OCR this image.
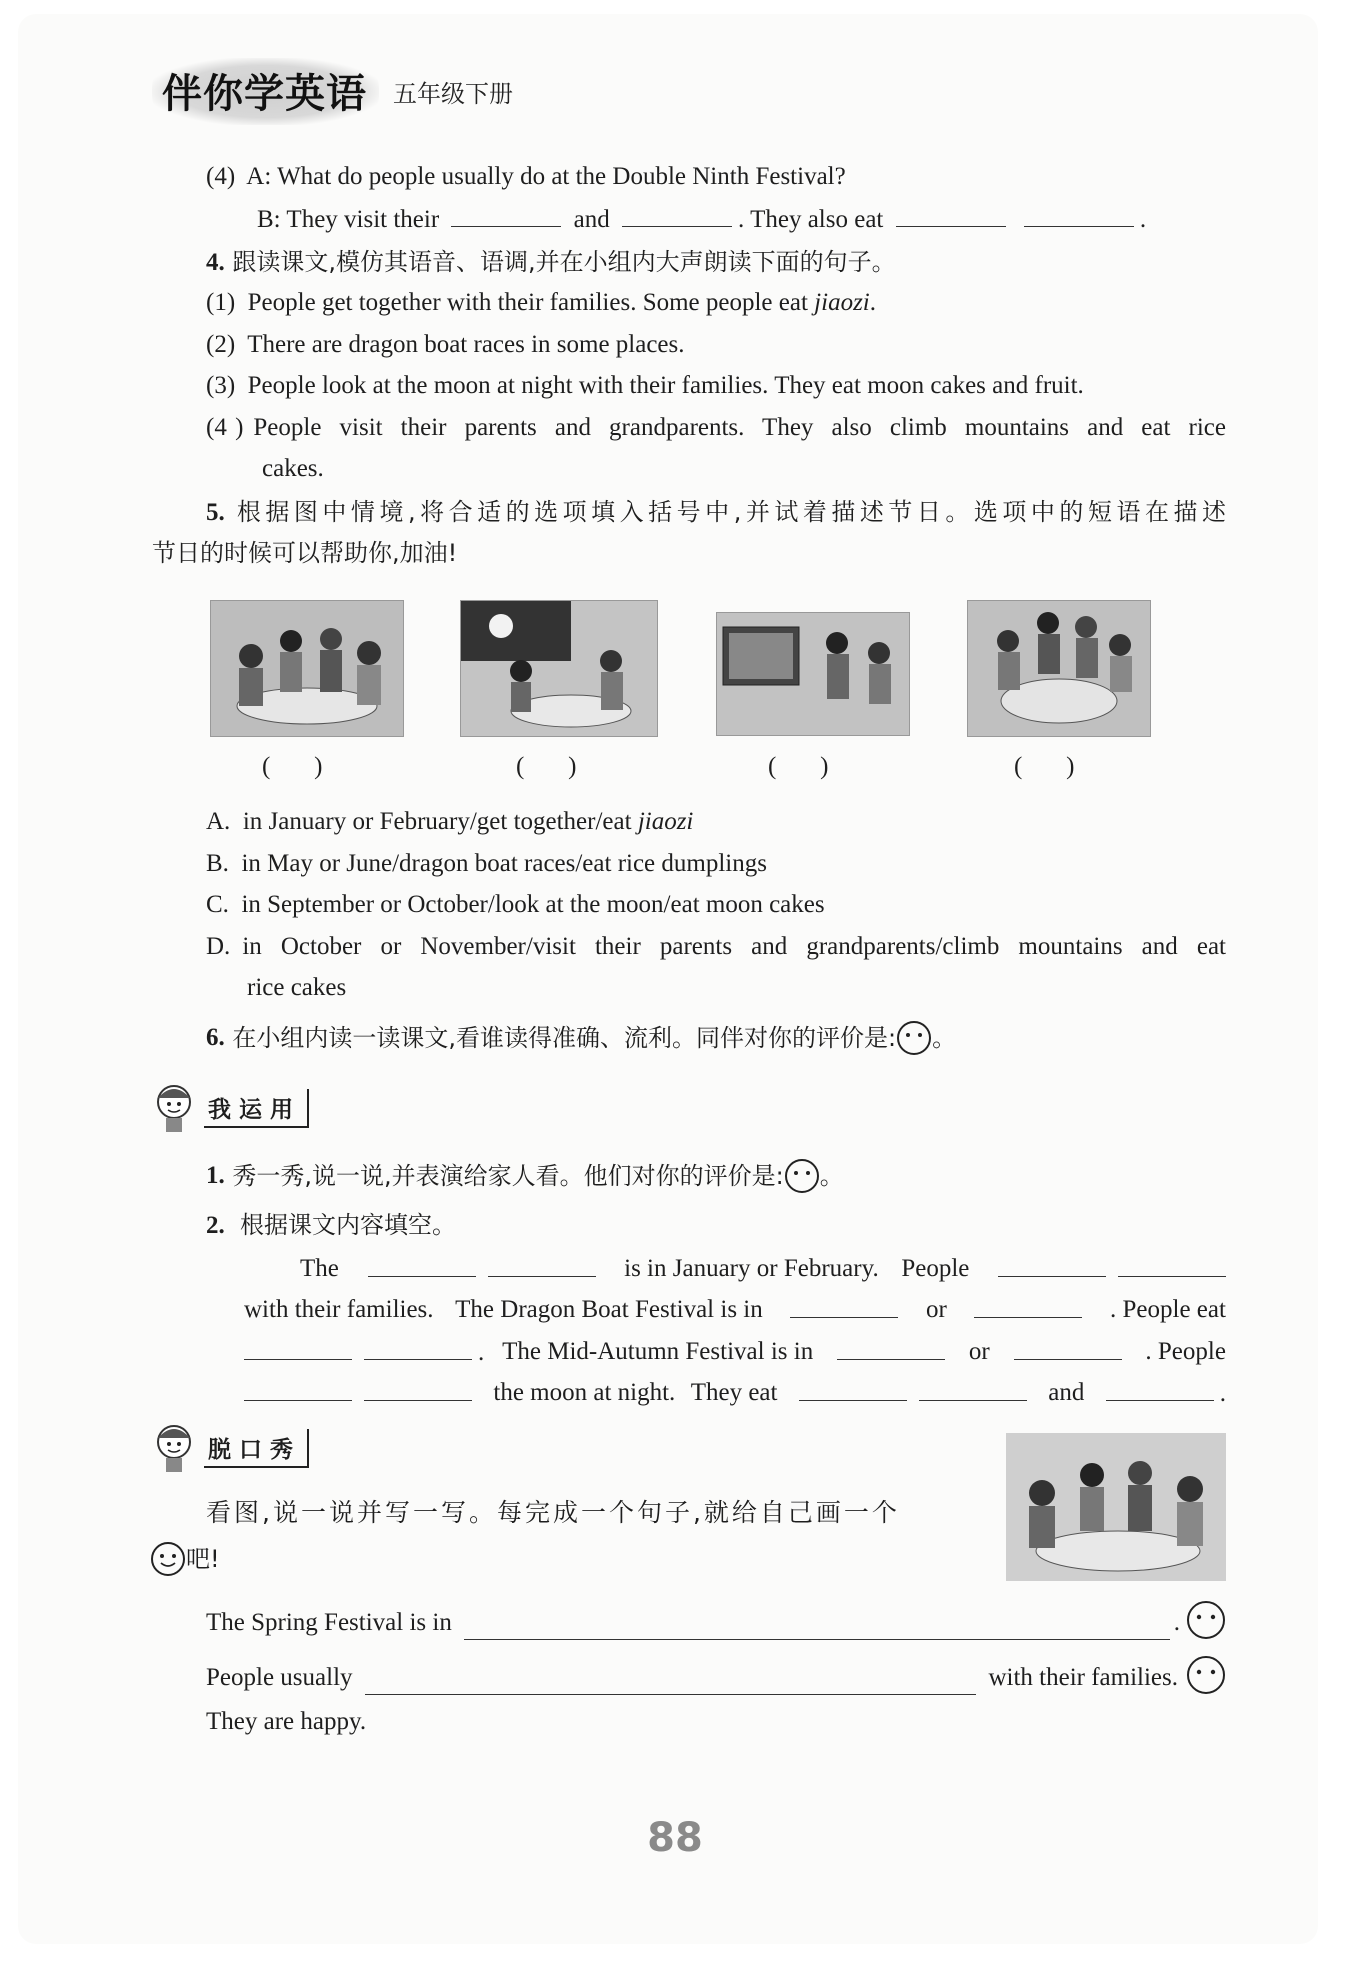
伴你学英语	五年级下册
(4) A: What do people usually do at the Double Ninth Festival?
B: They visit their	and	. They also eat	.
4. 跟读课文,模仿其语音、语调,并在小组内大声朗读下面的句子。
(1) People get together with their families. Some people eat jiaozi.
(2) There are dragon boat races in some places.
(3) People look at the moon at night with their families. They eat moon cakes and fruit.
(4 ) People visit their parents and grandparents. They also climb mountains and eat rice
cakes.
5. 根据图中情境,将合适的选项填入括号中,并试着描述节日。选项中的短语在描述
节日的时候可以帮助你,加油!
( )	( )	( )	( )
A. in January or February/get together/eat jiaozi
B. in May or June/dragon boat races/eat rice dumplings
C. in September or October/look at the moon/eat moon cakes
D. in October or November/visit their parents and grandparents/climb mountains and eat
rice cakes
6.
在小组内读一读课文,看谁读得准确、流利。同伴对你的评价是: 。
我运用
1.
秀一秀,说一说,并表演给家人看。他们对你的评价是: 。
2. 根据课文内容填空。
The	is in January or February. People
with their families. The Dragon Boat Festival is in	or	. People eat
. The Mid-Autumn Festival is in	or	. People
the moon at night. They eat	and	.
脱口秀
看图,说一说并写一写。每完成一个句子,就给自己画一个
吧!
The Spring Festival is in	.
People usually	with their families.
They are happy.
88
